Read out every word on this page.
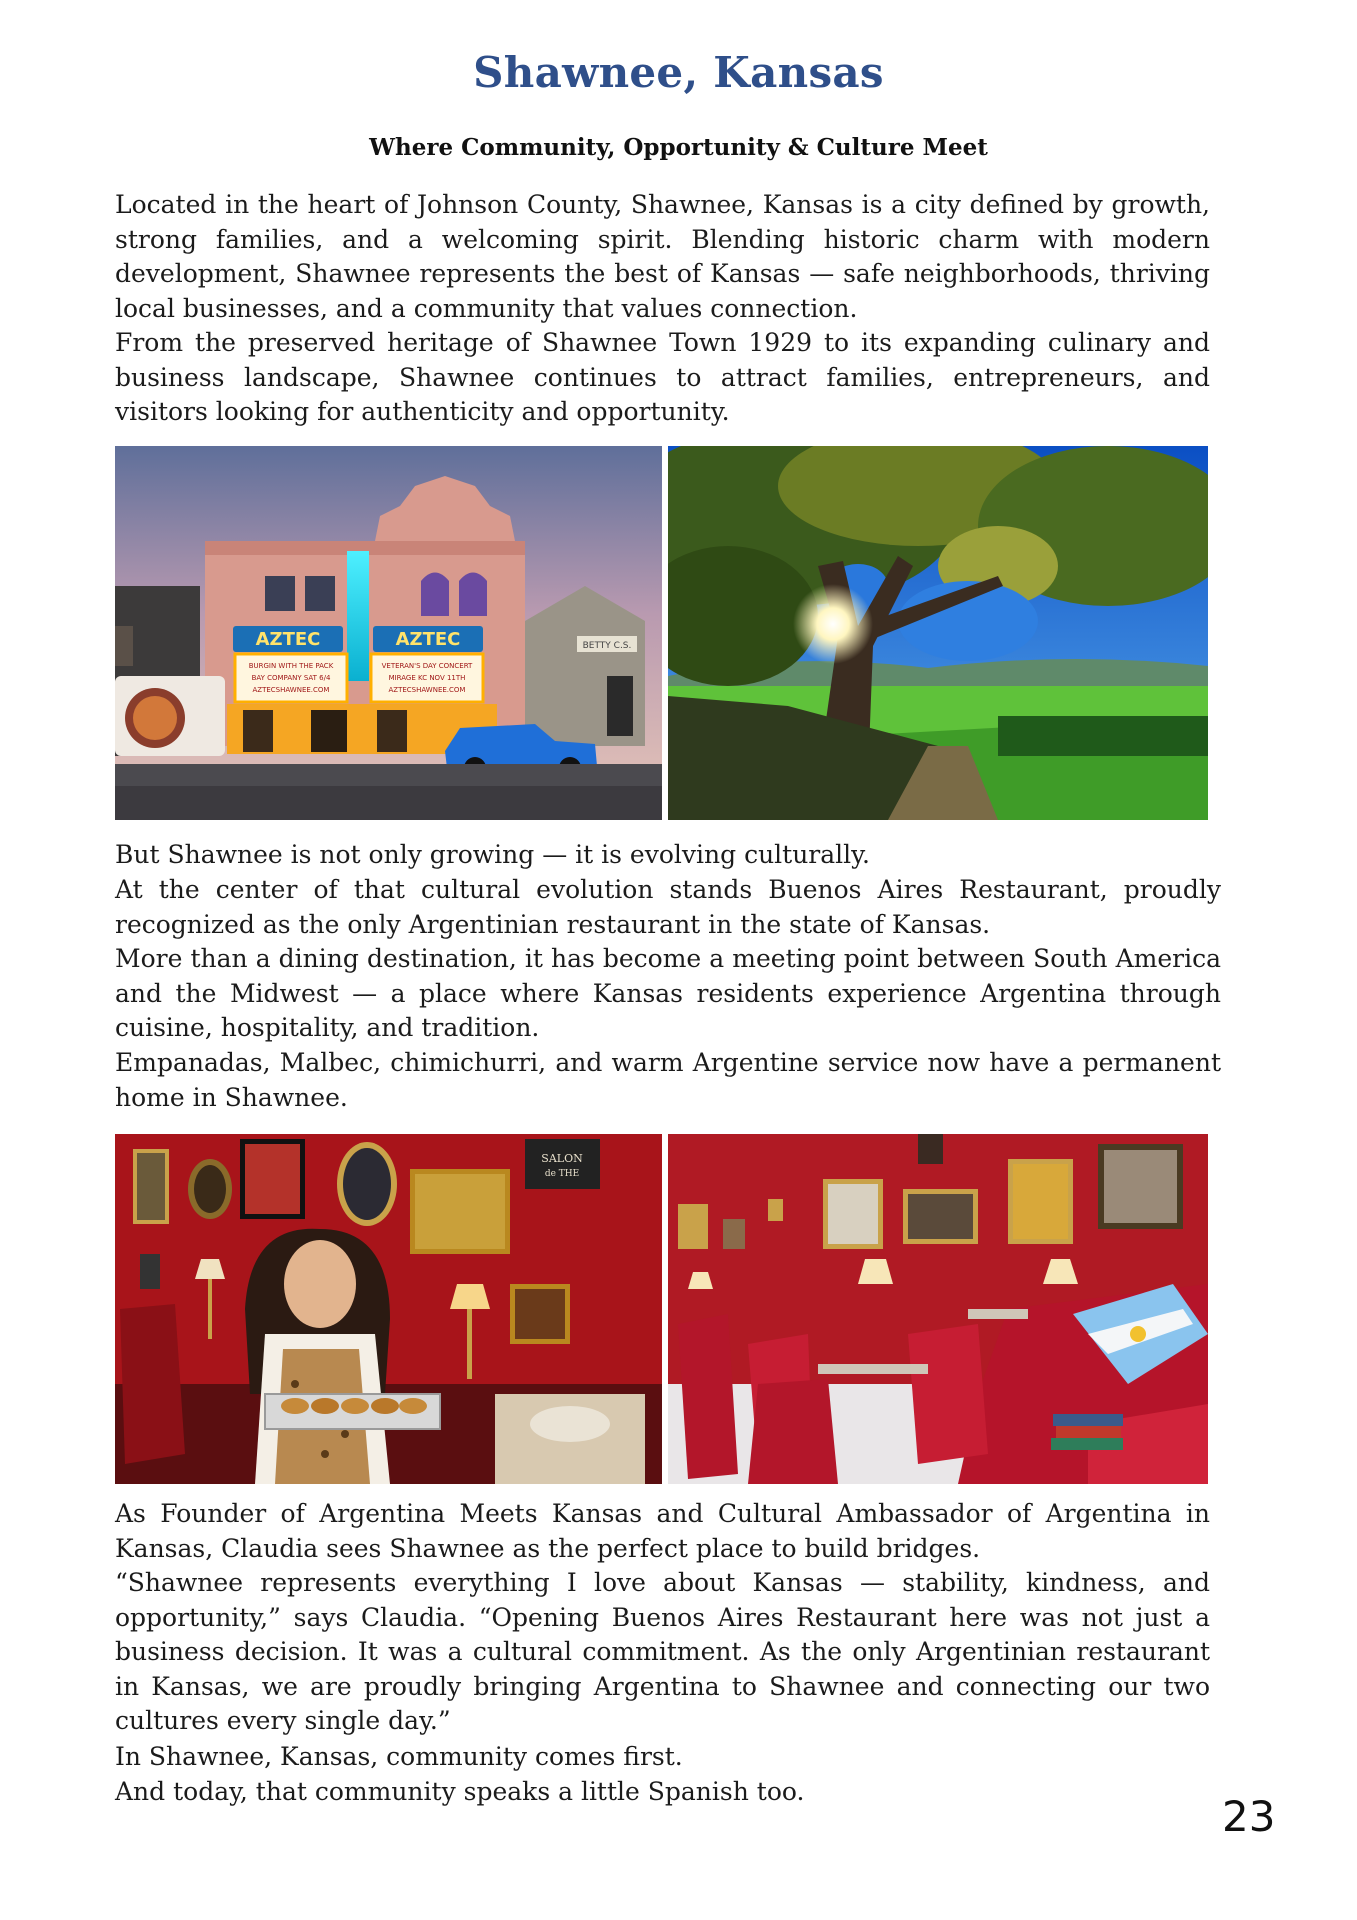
Shawnee, Kansas
Where Community, Opportunity & Culture Meet

Located in the heart of Johnson County, Shawnee, Kansas is a city defined by growth, strong families, and a welcoming spirit. Blending historic charm with modern development, Shawnee represents the best of Kansas — safe neighborhoods, thriving local businesses, and a community that values connection.

From the preserved heritage of Shawnee Town 1929 to its expanding culinary and business landscape, Shawnee continues to attract families, entrepreneurs, and visitors looking for authenticity and opportunity.

AZTEC	AZTEC
BURGIN WITH THE PACK
BAY COMPANY SAT 6/4
AZTECSHAWNEE.COM
VETERAN'S DAY CONCERT
MIRAGE KC NOV 11TH
AZTECSHAWNEE.COM
BETTY C.S.

But Shawnee is not only growing — it is evolving culturally.

At the center of that cultural evolution stands Buenos Aires Restaurant, proudly recognized as the only Argentinian restaurant in the state of Kansas.

More than a dining destination, it has become a meeting point between South America and the Midwest — a place where Kansas residents experience Argentina through cuisine, hospitality, and tradition.

Empanadas, Malbec, chimichurri, and warm Argentine service now have a permanent home in Shawnee.

SALON
de THE

As Founder of Argentina Meets Kansas and Cultural Ambassador of Argentina in Kansas, Claudia sees Shawnee as the perfect place to build bridges.

“Shawnee represents everything I love about Kansas — stability, kindness, and opportunity,” says Claudia. “Opening Buenos Aires Restaurant here was not just a business decision. It was a cultural commitment. As the only Argentinian restaurant in Kansas, we are proudly bringing Argentina to Shawnee and connecting our two cultures every single day.”

In Shawnee, Kansas, community comes first.

And today, that community speaks a little Spanish too.

23
